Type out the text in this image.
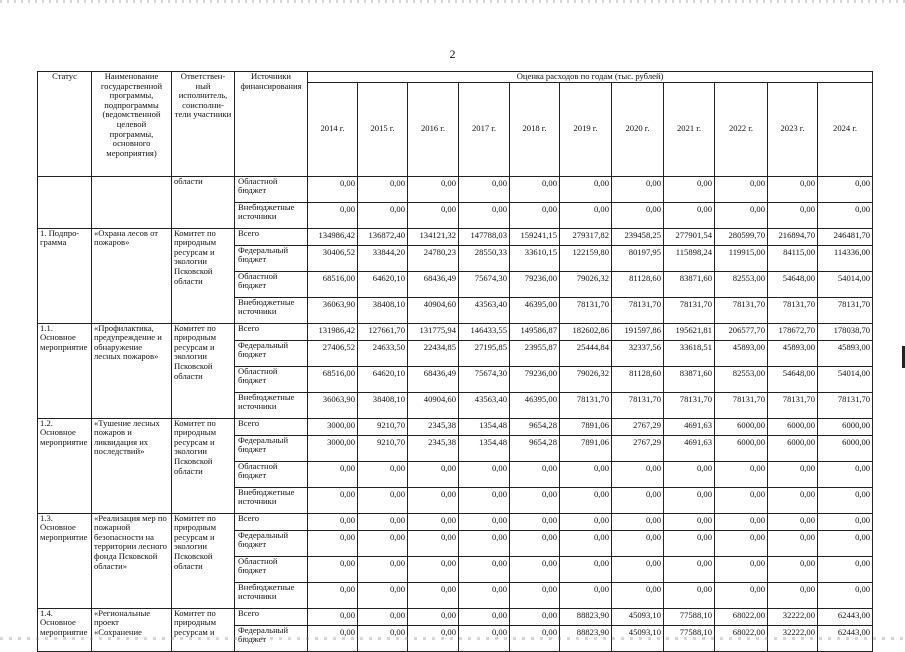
2
Статус	Наименование государственной программы, подпрограммы (ведомственной целевой программы, основного мероприятия)	Ответствен-ный исполнитель, соисполни-тели участники	Источники финансирования	Оценка расходов по годам (тыс. рублей)										
				2014 г.	2015 г.	2016 г.	2017 г.	2018 г.	2019 г.	2020 г.	2021 г.	2022 г.	2023 г.	2024 г.
		области	Областной бюджет	0,00	0,00	0,00	0,00	0,00	0,00	0,00	0,00	0,00	0,00	0,00
			Внебюджетные источники	0,00	0,00	0,00	0,00	0,00	0,00	0,00	0,00	0,00	0,00	0,00
1. Подпро-грамма	«Охрана лесов от пожаров»	Комитет по природным ресурсам и экологии Псковской области	Всего	134986,42	136872,40	134121,32	147788,03	159241,15	279317,82	239458,25	277901,54	280599,70	216894,70	246481,70
			Федеральный бюджет	30406,52	33844,20	24780,23	28550,33	33610,15	122159,80	80197,95	115898,24	119915,00	84115,00	114336,00
			Областной бюджет	68516,00	64620,10	68436,49	75674,30	79236,00	79026,32	81128,60	83871,60	82553,00	54648,00	54014,00
			Внебюджетные источники	36063,90	38408,10	40904,60	43563,40	46395,00	78131,70	78131,70	78131,70	78131,70	78131,70	78131,70
1.1. Основное мероприятие	«Профилактика, предупреждение и обнаружение лесных пожаров»	Комитет по природным ресурсам и экологии Псковской области	Всего	131986,42	127661,70	131775,94	146433,55	149586,87	182602,86	191597,86	195621,81	206577,70	178672,70	178038,70
			Федеральный бюджет	27406,52	24633,50	22434,85	27195,85	23955,87	25444,84	32337,56	33618,51	45893,00	45893,00	45893,00
			Областной бюджет	68516,00	64620,10	68436,49	75674,30	79236,00	79026,32	81128,60	83871,60	82553,00	54648,00	54014,00
			Внебюджетные источники	36063,90	38408,10	40904,60	43563,40	46395,00	78131,70	78131,70	78131,70	78131,70	78131,70	78131,70
1.2. Основное мероприятие	«Тушение лесных пожаров и ликвидация их последствий»	Комитет по природным ресурсам и экологии Псковской области	Всего	3000,00	9210,70	2345,38	1354,48	9654,28	7891,06	2767,29	4691,63	6000,00	6000,00	6000,00
			Федеральный бюджет	3000,00	9210,70	2345,38	1354,48	9654,28	7891,06	2767,29	4691,63	6000,00	6000,00	6000,00
			Областной бюджет	0,00	0,00	0,00	0,00	0,00	0,00	0,00	0,00	0,00	0,00	0,00
			Внебюджетные источники	0,00	0,00	0,00	0,00	0,00	0,00	0,00	0,00	0,00	0,00	0,00
1.3. Основное мероприятие	«Реализация мер по пожарной безопасности на территории лесного фонда Псковской области»	Комитет по природным ресурсам и экологии Псковской области	Всего	0,00	0,00	0,00	0,00	0,00	0,00	0,00	0,00	0,00	0,00	0,00
			Федеральный бюджет	0,00	0,00	0,00	0,00	0,00	0,00	0,00	0,00	0,00	0,00	0,00
			Областной бюджет	0,00	0,00	0,00	0,00	0,00	0,00	0,00	0,00	0,00	0,00	0,00
			Внебюджетные источники	0,00	0,00	0,00	0,00	0,00	0,00	0,00	0,00	0,00	0,00	0,00
1.4. Основное мероприятие	«Региональные проект «Сохранение	Комитет по природным ресурсам и	Всего	0,00	0,00	0,00	0,00	0,00	88823,90	45093,10	77588,10	68022,00	32222,00	62443,00
			Федеральный бюджет	0,00	0,00	0,00	0,00	0,00	88823,90	45093,10	77588,10	68022,00	32222,00	62443,00
